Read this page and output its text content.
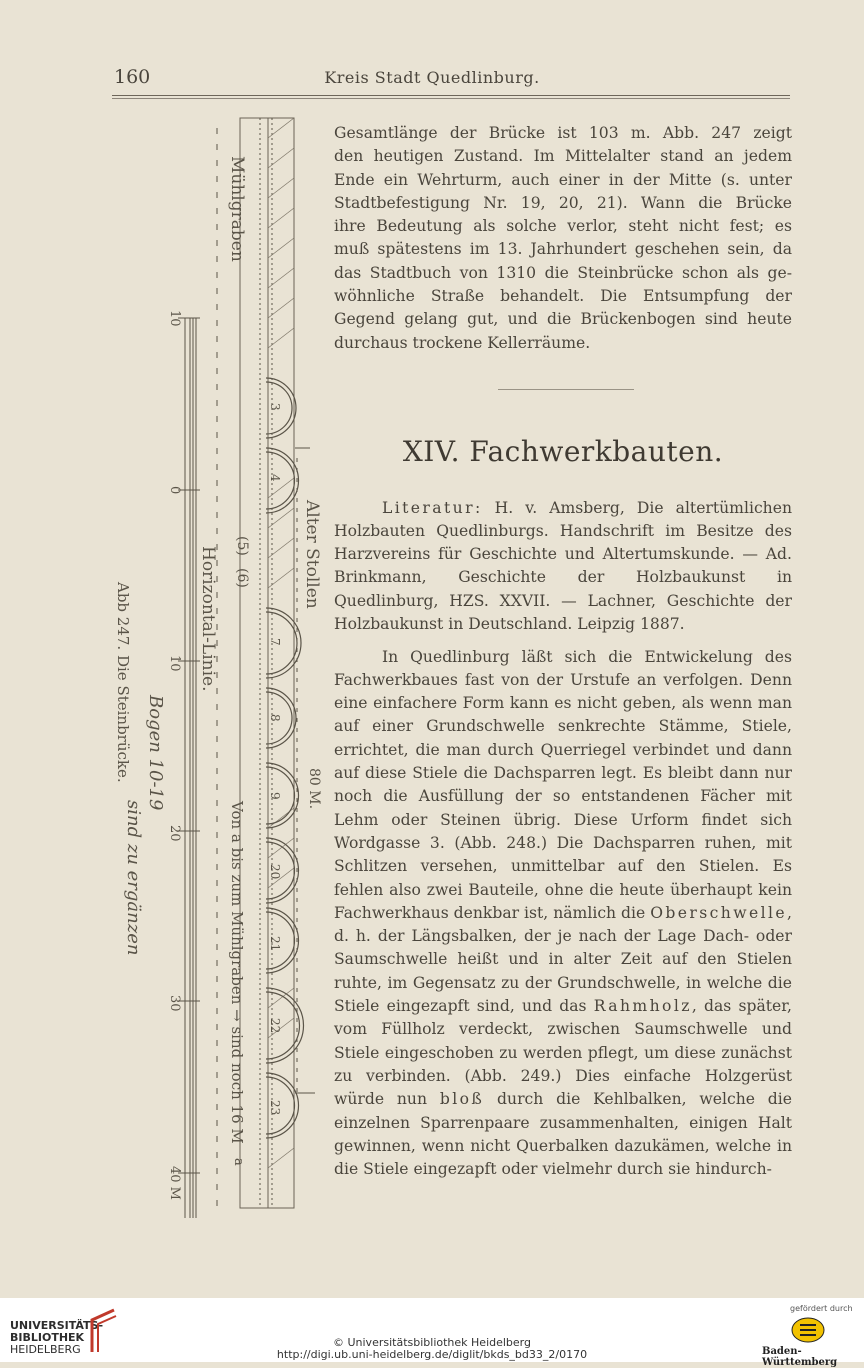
160	Kreis Stadt Quedlinburg.
3
4
(5)
(6)
7
8
9
20
21
22
23
Mühlgraben
Alter Stollen
80 M.
Von a bis zum Mühlgraben → sind noch 16 M
Horizontal-Linie.
Bogen 10-19
sind zu ergänzen
Abb 247. Die Steinbrücke.
a
10
0
10
20
30
40 M
Gesamtlänge der Brücke ist 103 m. Abb. 247 zeigt
den heutigen Zustand. Im Mittelalter stand an jedem
Ende ein Wehrturm, auch einer in der Mitte (s. unter
Stadtbefestigung Nr. 19, 20, 21). Wann die Brücke
ihre Bedeutung als solche verlor, steht nicht fest; es
muß spätestens im 13. Jahrhundert geschehen sein, da
das Stadtbuch von 1310 die Steinbrücke schon als ge-
wöhnliche Straße behandelt. Die Entsumpfung der
Gegend gelang gut, und die Brückenbogen sind heute
durchaus trockene Kellerräume.
XIV. Fachwerkbauten.

Literatur: H. v. Amsberg, Die altertümlichen Holzbauten Quedlinburgs. Handschrift im Besitze des Harzvereins für Geschichte und Altertumskunde. — Ad. Brinkmann, Geschichte der Holzbaukunst in Quedlinburg, HZS. XXVII. — Lachner, Geschichte der Holzbaukunst in Deutschland. Leipzig 1887.

In Quedlinburg läßt sich die Entwickelung des Fachwerkbaues fast von der Urstufe an verfolgen. Denn eine einfachere Form kann es nicht geben, als wenn man auf einer Grundschwelle senkrechte Stämme, Stiele, errichtet, die man durch Querriegel verbindet und dann auf diese Stiele die Dachsparren legt. Es bleibt dann nur noch die Ausfüllung der so entstandenen Fächer mit Lehm oder Steinen übrig. Diese Urform findet sich Wordgasse 3. (Abb. 248.) Die Dachsparren ruhen, mit Schlitzen versehen, unmittelbar auf den Stielen. Es fehlen also zwei Bauteile, ohne die heute überhaupt kein Fachwerkhaus denkbar ist, nämlich die Oberschwelle, d. h. der Längsbalken, der je nach der Lage Dach- oder Saumschwelle heißt und in alter Zeit auf den Stielen ruhte, im Gegensatz zu der Grundschwelle, in welche die Stiele eingezapft sind, und das Rahmholz, das später, vom Füllholz verdeckt, zwischen Saumschwelle und Stiele eingeschoben zu werden pflegt, um diese zunächst zu verbinden. (Abb. 249.) Dies einfache Holzgerüst würde nun bloß durch die Kehlbalken, welche die einzelnen Sparrenpaare zusammenhalten, einigen Halt gewinnen, wenn nicht Querbalken dazukämen, welche in die Stiele eingezapft oder vielmehr durch sie hindurch-

UNIVERSITÄTS-
BIBLIOTHEK
HEIDELBERG
© Universitätsbibliothek Heidelberg
http://digi.ub.uni-heidelberg.de/diglit/bkds_bd33_2/0170
gefördert durch
Baden-Württemberg
